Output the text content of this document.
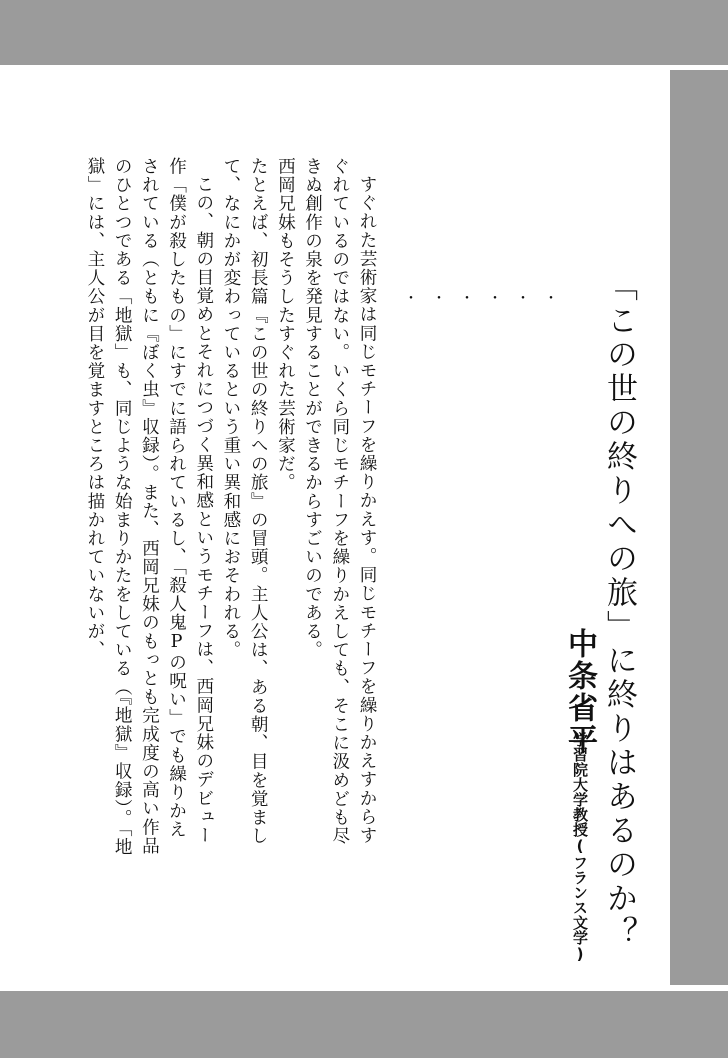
「この世の終りへの旅」に終りはあるのか？
中条省平
学習院大学教授(フランス文学)
・・・・・・

すぐれた芸術家は同じモチーフを繰りかえす。同じモチーフを繰りかえすからすぐれているのではない。いくら同じモチーフを繰りかえしても、そこに汲めども尽きぬ創作の泉を発見することができるからすごいのである。

西岡兄妹もそうしたすぐれた芸術家だ。

たとえば、初長篇『この世の終りへの旅』の冒頭。主人公は、ある朝、目を覚まして、なにかが変わっているという重い異和感におそわれる。

この、朝の目覚めとそれにつづく異和感というモチーフは、西岡兄妹のデビュー作「僕が殺したもの」にすでに語られているし、「殺人鬼Pの呪い」でも繰りかえされている（ともに『ぼく虫』収録）。また、西岡兄妹のもっとも完成度の高い作品のひとつである「地獄」も、同じような始まりかたをしている（『地獄』収録）。「地獄」には、主人公が目を覚ますところは描かれていないが、
